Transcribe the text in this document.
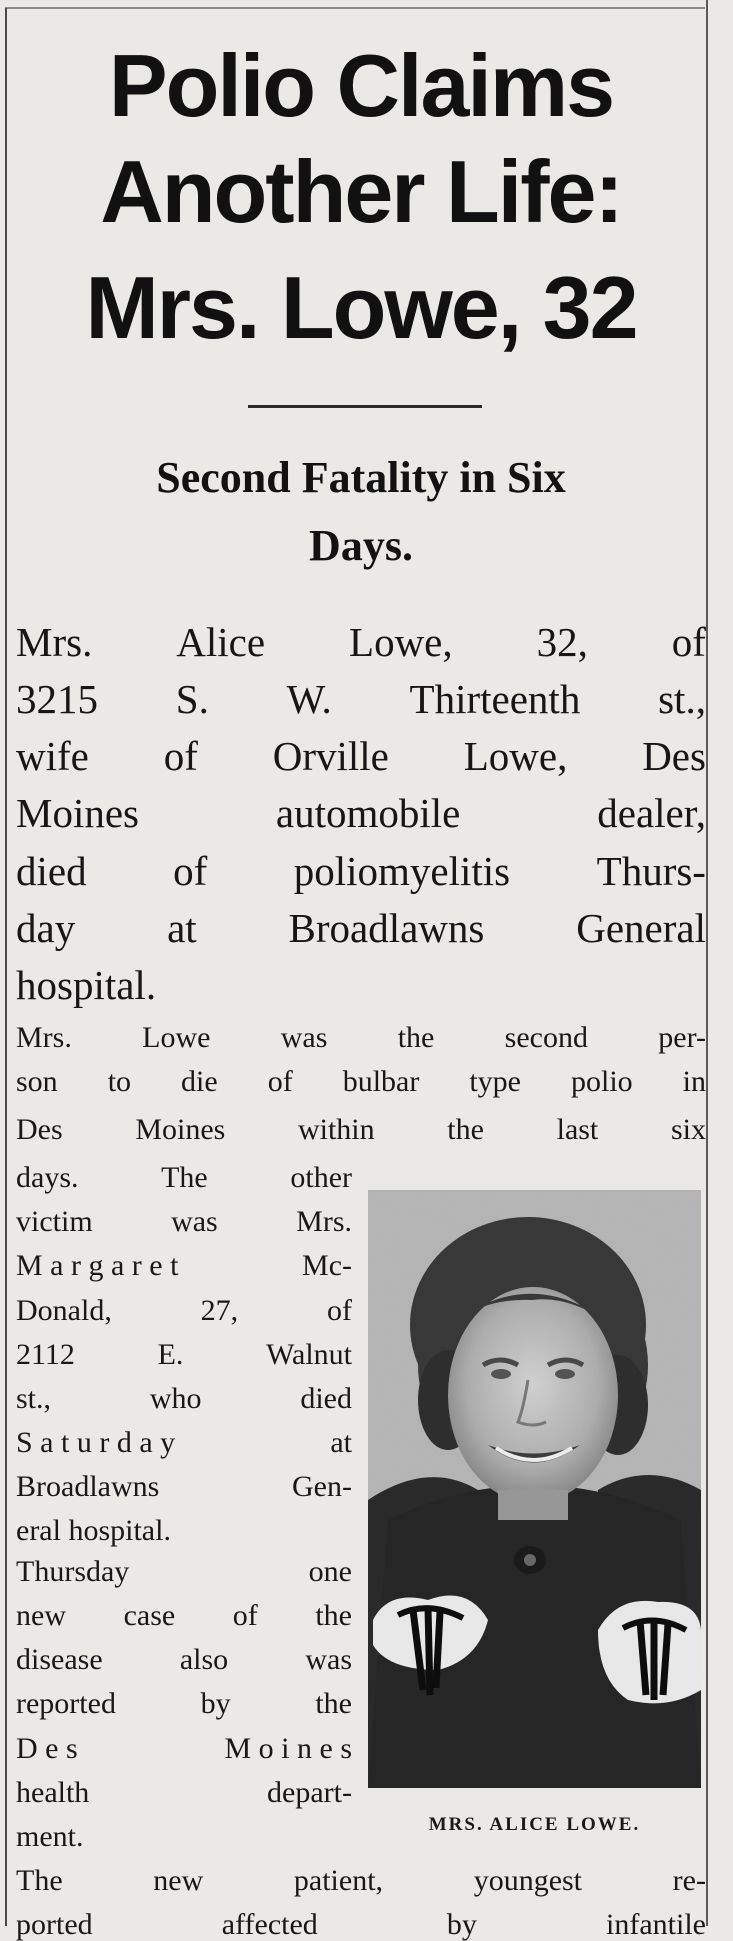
Polio Claims
Another Life:
Mrs. Lowe, 32
Second Fatality in Six
Days.
Mrs. Alice Lowe, 32, of
3215 S. W. Thirteenth st.,
wife of Orville Lowe, Des
Moines	automobile	dealer,
died of poliomyelitis Thurs-
day at Broadlawns General
hospital.
Mrs. Lowe was the second per-
son to die of bulbar type polio in
Des Moines within the last six
days.	The	other
victim	was	Mrs.
M a r g a r e t	Mc-
Donald,	27,	of
2112	E.	Walnut
st.,	who	died
S a t u r d a y	at
Broadlawns	Gen-
eral hospital.
Thursday	one
new case of the
disease	also	was
reported	by	the
D e s	M o i n e s
health	depart-
ment.
The	new	patient,	youngest	re-
ported	affected	by	infantile

MRS. ALICE LOWE.
